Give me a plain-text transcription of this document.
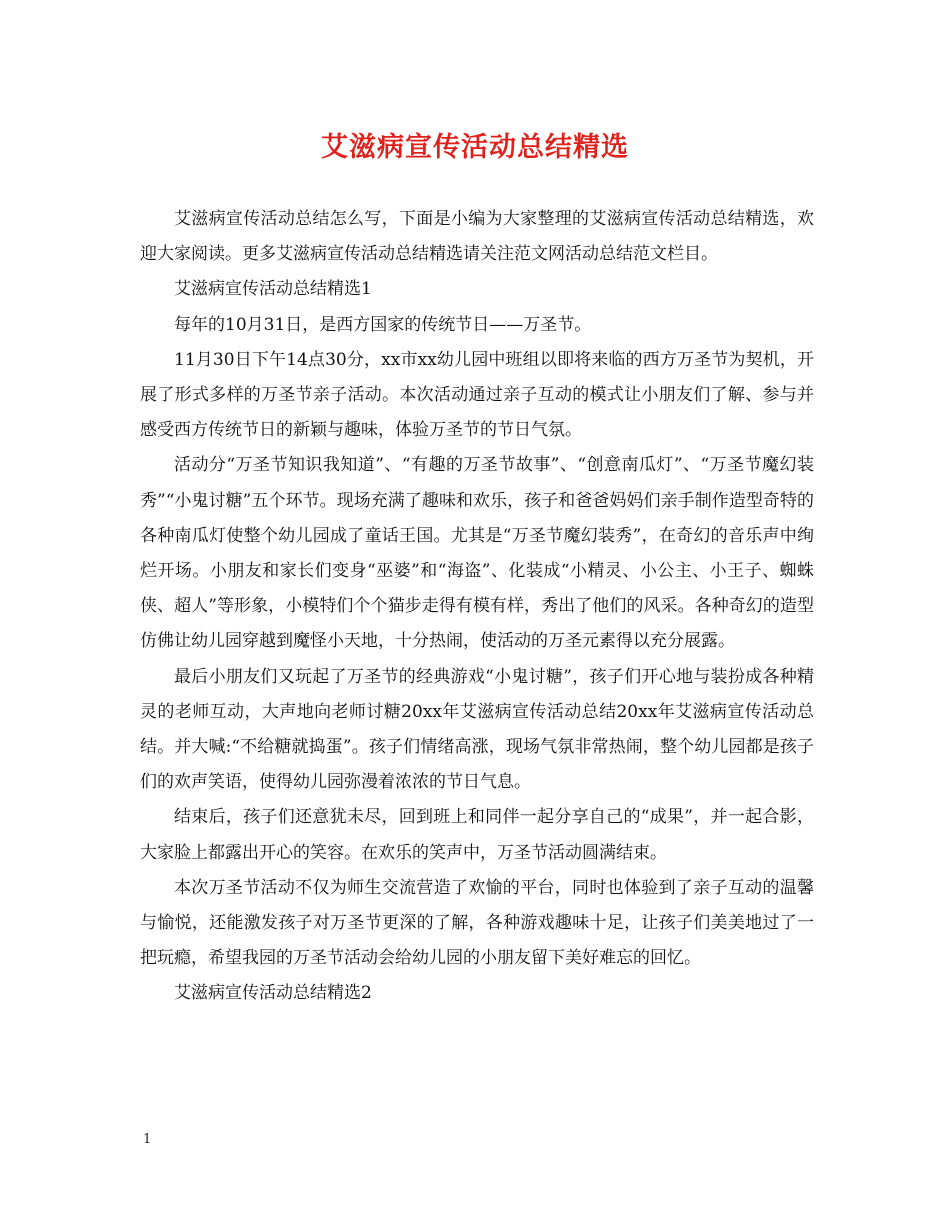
艾滋病宣传活动总结精选

艾滋病宣传活动总结怎么写，下面是小编为大家整理的艾滋病宣传活动总结精选，欢迎大家阅读。更多艾滋病宣传活动总结精选请关注范文网活动总结范文栏目。

艾滋病宣传活动总结精选1

每年的10月31日，是西方国家的传统节日——万圣节。

11月30日下午14点30分，xx市xx幼儿园中班组以即将来临的西方万圣节为契机，开展了形式多样的万圣节亲子活动。本次活动通过亲子互动的模式让小朋友们了解、参与并感受西方传统节日的新颖与趣味，体验万圣节的节日气氛。

活动分“万圣节知识我知道”、“有趣的万圣节故事”、“创意南瓜灯”、“万圣节魔幻装秀”“小鬼讨糖”五个环节。现场充满了趣味和欢乐，孩子和爸爸妈妈们亲手制作造型奇特的各种南瓜灯使整个幼儿园成了童话王国。尤其是“万圣节魔幻装秀”，在奇幻的音乐声中绚烂开场。小朋友和家长们变身“巫婆”和“海盗”、化装成“小精灵、小公主、小王子、蜘蛛侠、超人”等形象，小模特们个个猫步走得有模有样，秀出了他们的风采。各种奇幻的造型仿佛让幼儿园穿越到魔怪小天地，十分热闹，使活动的万圣元素得以充分展露。

最后小朋友们又玩起了万圣节的经典游戏“小鬼讨糖”，孩子们开心地与装扮成各种精灵的老师互动，大声地向老师讨糖20xx年艾滋病宣传活动总结20xx年艾滋病宣传活动总结。并大喊:“不给糖就捣蛋”。孩子们情绪高涨，现场气氛非常热闹，整个幼儿园都是孩子们的欢声笑语，使得幼儿园弥漫着浓浓的节日气息。

结束后，孩子们还意犹未尽，回到班上和同伴一起分享自己的“成果”，并一起合影，大家脸上都露出开心的笑容。在欢乐的笑声中，万圣节活动圆满结束。

本次万圣节活动不仅为师生交流营造了欢愉的平台，同时也体验到了亲子互动的温馨与愉悦，还能激发孩子对万圣节更深的了解，各种游戏趣味十足，让孩子们美美地过了一把玩瘾，希望我园的万圣节活动会给幼儿园的小朋友留下美好难忘的回忆。

艾滋病宣传活动总结精选2

1
